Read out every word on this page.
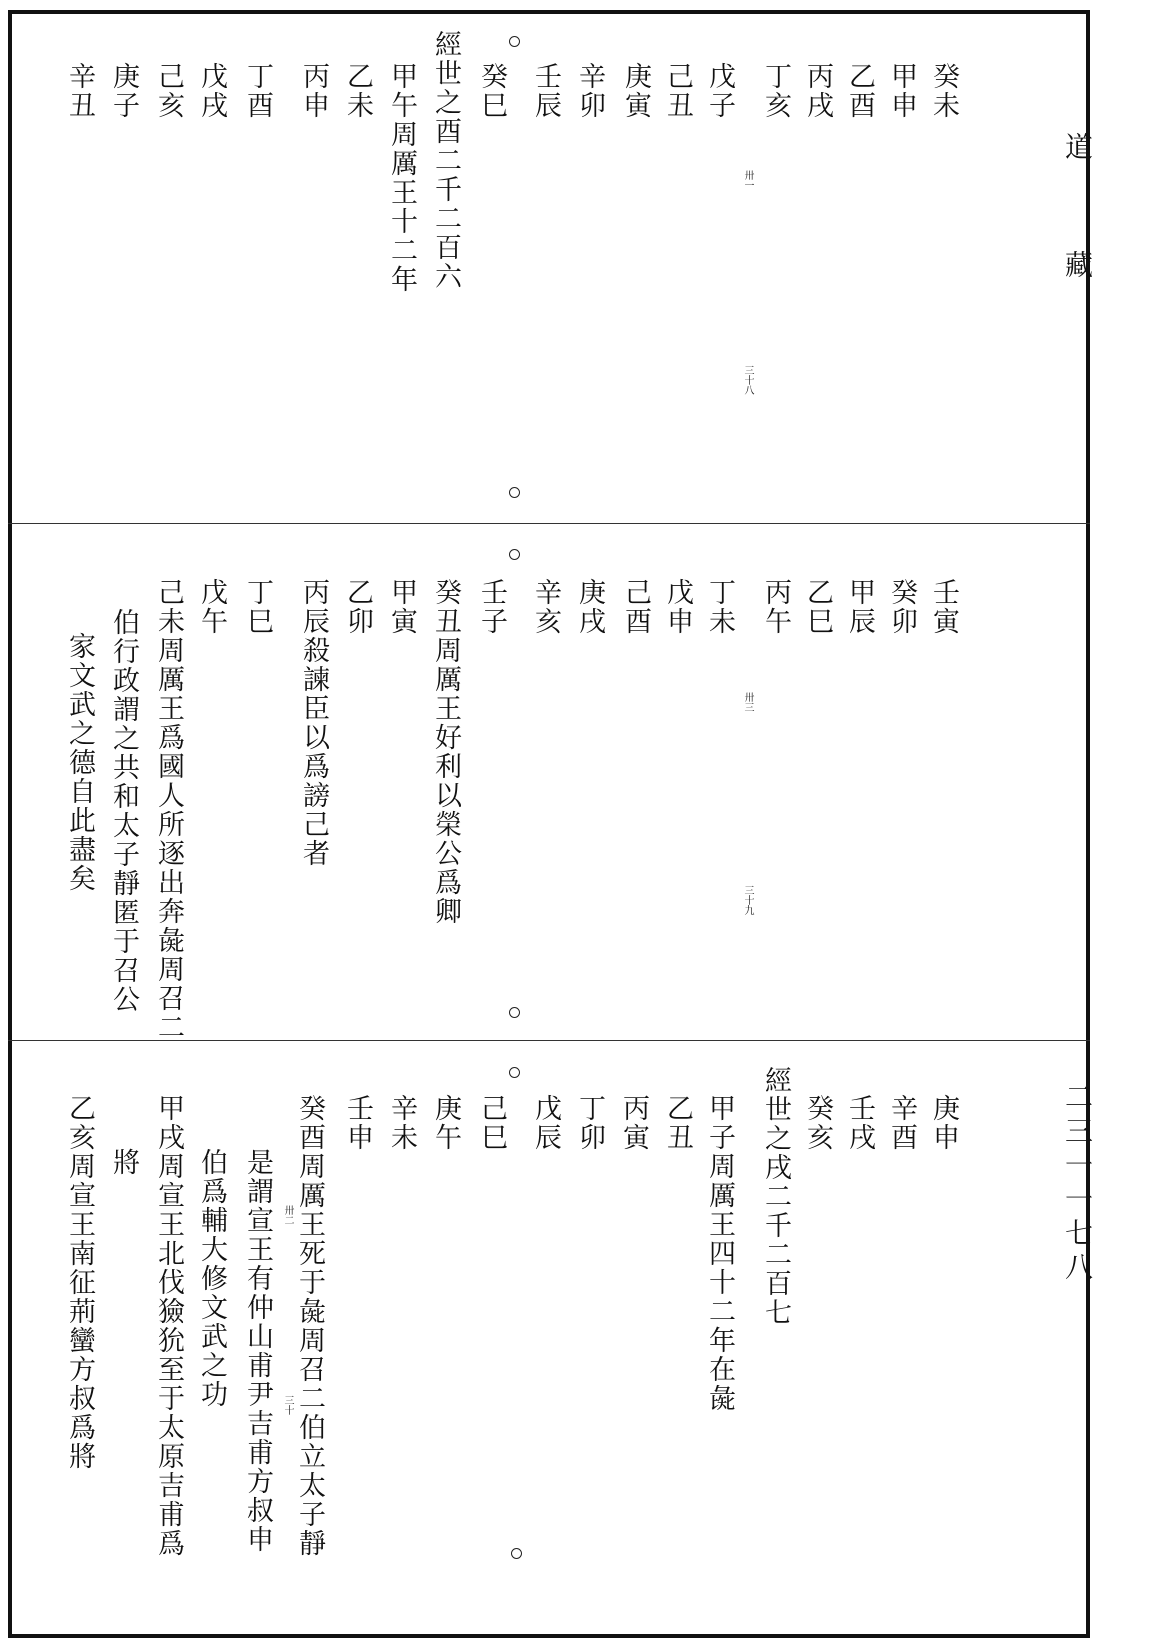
道
藏
二三一一七八
癸未
甲申
乙酉
丙戌
丁亥
戊子
己丑
庚寅
辛卯
壬辰
癸巳
經世之酉二千二百六
甲午周厲王十二年
乙未
丙申
丁酉
戊戌
己亥
庚子
辛丑
卅一
三十八
壬寅
癸卯
甲辰
乙巳
丙午
丁未
戊申
己酉
庚戌
辛亥
壬子
癸丑周厲王好利以榮公爲卿
甲寅
乙卯
丙辰殺諫臣以爲謗己者
丁巳
戊午
己未周厲王爲國人所逐出奔彘周召二
伯行政謂之共和太子靜匿于召公
家文武之德自此盡矣	卅三
三十九
庚申
辛酉
壬戌
癸亥
經世之戌二千二百七
甲子周厲王四十二年在彘
乙丑
丙寅
丁卯
戊辰
己巳
庚午
辛未
壬申
癸酉周厲王死于彘周召二伯立太子靜
是謂宣王有仲山甫尹吉甫方叔申
伯爲輔大修文武之功
甲戌周宣王北伐獫狁至于太原吉甫爲
將
乙亥周宣王南征荊蠻方叔爲將	卅二
三十
